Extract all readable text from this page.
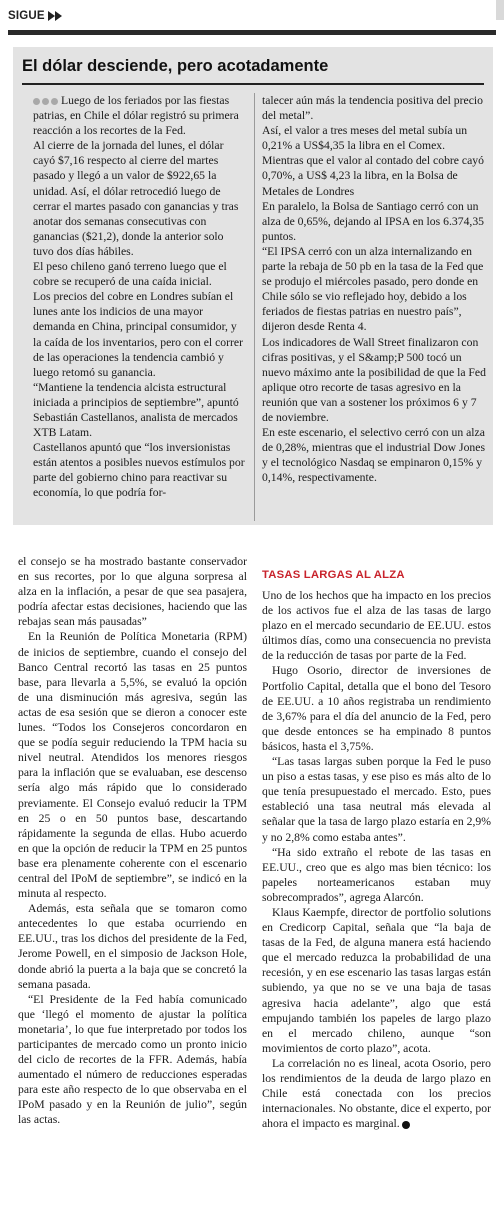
SIGUE
El dólar desciende, pero acotadamente

Luego de los feriados por las fiestas patrias, en Chile el dólar registró su primera reacción a los recortes de la Fed.

Al cierre de la jornada del lunes, el dólar cayó $7,16 respecto al cierre del martes pasado y llegó a un valor de $922,65 la unidad. Así, el dólar retrocedió luego de cerrar el martes pasado con ganancias y tras anotar dos semanas consecutivas con ganancias ($21,2), donde la anterior solo tuvo dos días hábiles.

El peso chileno ganó terreno luego que el cobre se recuperó de una caída inicial.

Los precios del cobre en Londres subían el lunes ante los indicios de una mayor demanda en China, principal consumidor, y la caída de los inventarios, pero con el correr de las operaciones la tendencia cambió y luego retomó su ganancia.

“Mantiene la tendencia alcista estructural iniciada a principios de septiembre”, apuntó Sebastián Castellanos, analista de mercados XTB Latam.

Castellanos apuntó que “los inversionistas están atentos a posibles nuevos estímulos por parte del gobierno chino para reactivar su economía, lo que podría for-

talecer aún más la tendencia positiva del precio del metal”.

Así, el valor a tres meses del metal subía un 0,21% a US$4,35 la libra en el Comex.

Mientras que el valor al contado del cobre cayó 0,70%, a US$ 4,23 la libra, en la Bolsa de Metales de Londres

En paralelo, la Bolsa de Santiago cerró con un alza de 0,65%, dejando al IPSA en los 6.374,35 puntos.

“El IPSA cerró con un alza internalizando en parte la rebaja de 50 pb en la tasa de la Fed que se produjo el miércoles pasado, pero donde en Chile sólo se vio reflejado hoy, debido a los feriados de fiestas patrias en nuestro país”, dijeron desde Renta 4.

Los indicadores de Wall Street finalizaron con cifras positivas, y el S&amp;P 500 tocó un nuevo máximo ante la posibilidad de que la Fed aplique otro recorte de tasas agresivo en la reunión que van a sostener los próximos 6 y 7 de noviembre.

En este escenario, el selectivo cerró con un alza de 0,28%, mientras que el industrial Dow Jones y el tecnológico Nasdaq se empinaron 0,15% y 0,14%, respectivamente.

el consejo se ha mostrado bastante conservador en sus recortes, por lo que alguna sorpresa al alza en la inflación, a pesar de que sea pasajera, podría afectar estas decisiones, haciendo que las rebajas sean más pausadas”

En la Reunión de Política Monetaria (RPM) de inicios de septiembre, cuando el consejo del Banco Central recortó las tasas en 25 puntos base, para llevarla a 5,5%, se evaluó la opción de una disminución más agresiva, según las actas de esa sesión que se dieron a conocer este lunes. “Todos los Consejeros concordaron en que se podía seguir reduciendo la TPM hacia su nivel neutral. Atendidos los menores riesgos para la inflación que se evaluaban, ese descenso sería algo más rápido que lo considerado previamente. El Consejo evaluó reducir la TPM en 25 o en 50 puntos base, descartando rápidamente la segunda de ellas. Hubo acuerdo en que la opción de reducir la TPM en 25 puntos base era plenamente coherente con el escenario central del IPoM de septiembre”, se indicó en la minuta al respecto.

Además, esta señala que se tomaron como antecedentes lo que estaba ocurriendo en EE.UU., tras los dichos del presidente de la Fed, Jerome Powell, en el simposio de Jackson Hole, donde abrió la puerta a la baja que se concretó la semana pasada.

“El Presidente de la Fed había comunicado que ‘llegó el momento de ajustar la política monetaria’, lo que fue interpretado por todos los participantes de mercado como un pronto inicio del ciclo de recortes de la FFR. Además, había aumentado el número de reducciones esperadas para este año respecto de lo que observaba en el IPoM pasado y en la Reunión de julio”, según las actas.

TASAS LARGAS AL ALZA

Uno de los hechos que ha impacto en los precios de los activos fue el alza de las tasas de largo plazo en el mercado secundario de EE.UU. estos últimos días, como una consecuencia no prevista de la reducción de tasas por parte de la Fed.

Hugo Osorio, director de inversiones de Portfolio Capital, detalla que el bono del Tesoro de EE.UU. a 10 años registraba un rendimiento de 3,67% para el día del anuncio de la Fed, pero que desde entonces se ha empinado 8 puntos básicos, hasta el 3,75%.

“Las tasas largas suben porque la Fed le puso un piso a estas tasas, y ese piso es más alto de lo que tenía presupuestado el mercado. Esto, pues estableció una tasa neutral más elevada al señalar que la tasa de largo plazo estaría en 2,9% y no 2,8% como estaba antes”.

“Ha sido extraño el rebote de las tasas en EE.UU., creo que es algo mas bien técnico: los papeles norteamericanos estaban muy sobrecomprados”, agrega Alarcón.

Klaus Kaempfe, director de portfolio solutions en Credicorp Capital, señala que “la baja de tasas de la Fed, de alguna manera está haciendo que el mercado reduzca la probabilidad de una recesión, y en ese escenario las tasas largas están subiendo, ya que no se ve una baja de tasas agresiva hacia adelante”, algo que está empujando también los papeles de largo plazo en el mercado chileno, aunque “son movimientos de corto plazo”, acota.

La correlación no es lineal, acota Osorio, pero los rendimientos de la deuda de largo plazo en Chile está conectada con los precios internacionales. No obstante, dice el experto, por ahora el impacto es marginal.
